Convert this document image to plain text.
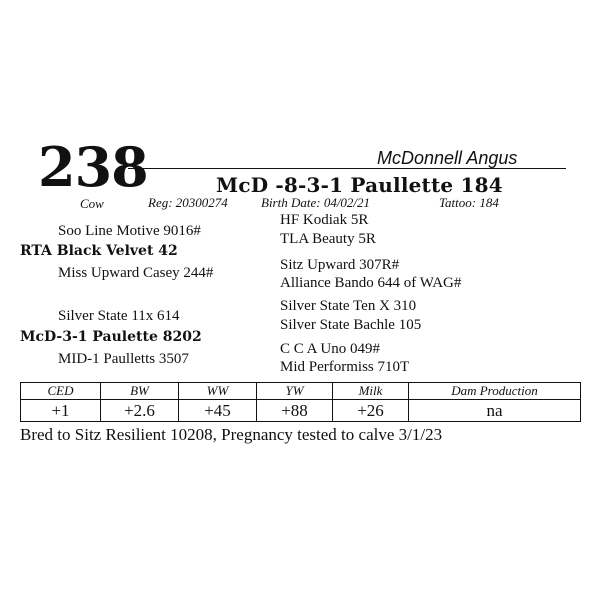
238
Cow
McDonnell Angus
McD -8-3-1 Paullette 184
Reg: 20300274	Birth Date: 04/02/21	Tattoo: 184
Soo Line Motive 9016#
RTA Black Velvet 42
Miss Upward Casey 244#
Silver State 11x 614
McD-3-1 Paulette 8202
MID-1 Paulletts 3507
HF Kodiak 5R
TLA Beauty 5R
Sitz Upward 307R#
Alliance Bando 644 of WAG#
Silver State Ten X 310
Silver State Bachle 105
C C A Uno 049#
Mid Performiss 710T
CED	BW	WW	YW	Milk	Dam Production
+1	+2.6	+45	+88	+26	na
Bred to Sitz Resilient 10208, Pregnancy tested to calve 3/1/23
